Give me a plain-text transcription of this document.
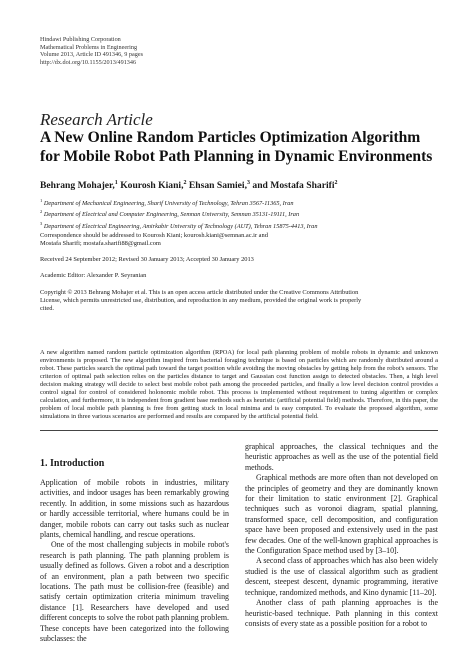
Hindawi Publishing Corporation
Mathematical Problems in Engineering
Volume 2013, Article ID 491346, 9 pages
http://dx.doi.org/10.1155/2013/491346
Research Article
A New Online Random Particles Optimization Algorithm for Mobile Robot Path Planning in Dynamic Environments
Behrang Mohajer,$^1$ Kourosh Kiani,$^2$ Ehsan Samiei,$^3$ and Mostafa Sharifi$^2$
$^1$ Department of Mechanical Engineering, Sharif University of Technology, Tehran 3567-11365, Iran
$^2$ Department of Electrical and Computer Engineering, Semnan University, Semnan 35131-19111, Iran
$^3$ Department of Electrical Engineering, Amirkabir University of Technology (AUT), Tehran 15875-4413, Iran
Correspondence should be addressed to Kourosh Kiani; kourosh.kiani@semnan.ac.ir and
Mostafa Sharifi; mostafa.sharifi88@gmail.com
Received 24 September 2012; Revised 30 January 2013; Accepted 30 January 2013
Academic Editor: Alexander P. Seyranian
Copyright © 2013 Behrang Mohajer et al. This is an open access article distributed under the Creative Commons Attribution
License, which permits unrestricted use, distribution, and reproduction in any medium, provided the original work is properly
cited.
A new algorithm named random particle optimization algorithm (RPOA) for local path planning problem of mobile robots in dynamic and unknown environments is proposed. The new algorithm inspired from bacterial foraging technique is based on particles which are randomly distributed around a robot. These particles search the optimal path toward the target position while avoiding the moving obstacles by getting help from the robot's sensors. The criterion of optimal path selection relies on the particles distance to target and Gaussian cost function assign to detected obstacles. Then, a high level decision making strategy will decide to select best mobile robot path among the proceeded particles, and finally a low level decision control provides a control signal for control of considered holonomic mobile robot. This process is implemented without requirement to tuning algorithm or complex calculation, and furthermore, it is independent from gradient base methods such as heuristic (artificial potential field) methods. Therefore, in this paper, the problem of local mobile path planning is free from getting stuck in local minima and is easy computed. To evaluate the proposed algorithm, some simulations in three various scenarios are performed and results are compared by the artificial potential field.
1. Introduction

Application of mobile robots in industries, military activities, and indoor usages has been remarkably growing recently. In addition, in some missions such as hazardous or hardly accessible territorial, where humans could be in danger, mobile robots can carry out tasks such as nuclear plants, chemical handling, and rescue operations.

One of the most challenging subjects in mobile robot's research is path planning. The path planning problem is usually defined as follows. Given a robot and a description of an environment, plan a path between two specific locations. The path must be collision-free (feasible) and satisfy certain optimization criteria minimum traveling distance [1]. Researchers have developed and used different concepts to solve the robot path planning problem. These concepts have been categorized into the following subclasses: the

graphical approaches, the classical techniques and the heuristic approaches as well as the use of the potential field methods.

Graphical methods are more often than not developed on the principles of geometry and they are dominantly known for their limitation to static environment [2]. Graphical techniques such as voronoi diagram, spatial planning, transformed space, cell decomposition, and configuration space have been proposed and extensively used in the past few decades. One of the well-known graphical approaches is the Configuration Space method used by [3–10].

A second class of approaches which has also been widely studied is the use of classical algorithm such as gradient descent, steepest descent, dynamic programming, iterative technique, randomized methods, and Kino dynamic [11–20].

Another class of path planning approaches is the heuristic-based technique. Path planning in this context consists of every state as a possible position for a robot to
